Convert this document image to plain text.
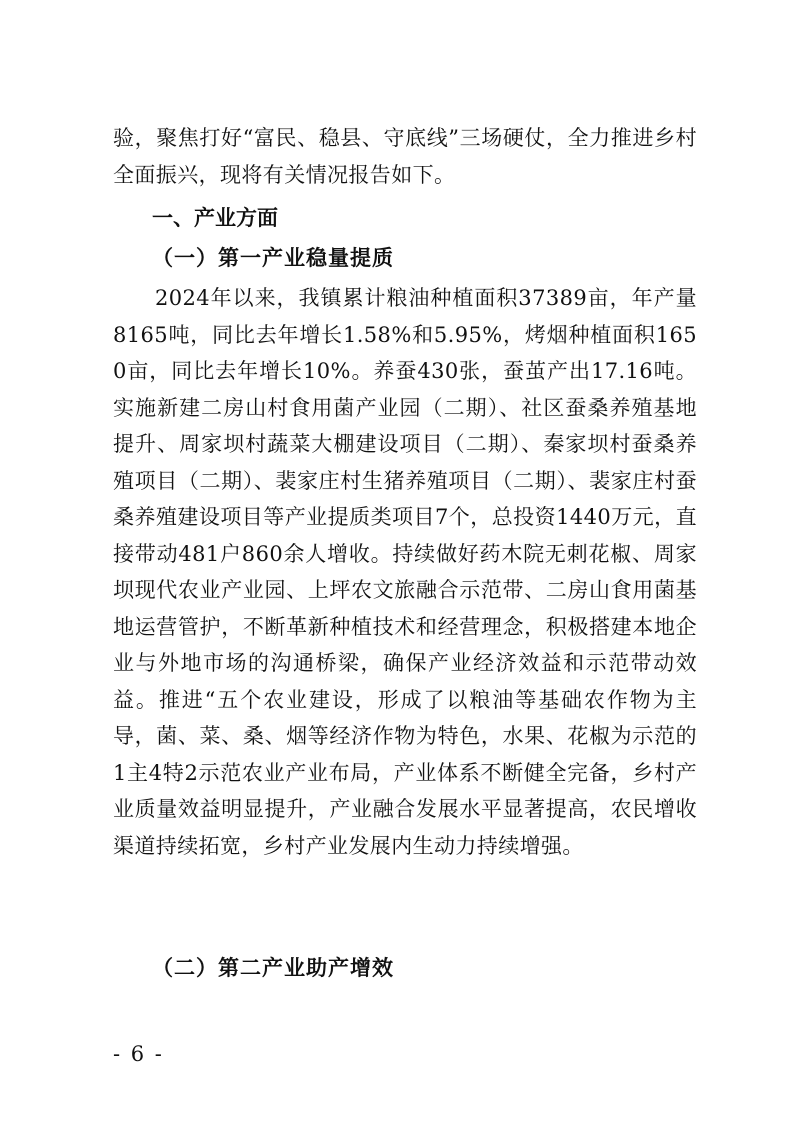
验，聚焦打好“富民、稳县、守底线”三场硬仗，全力推进乡村全面振兴，现将有关情况报告如下。

一、产业方面
（一）第一产业稳量提质

2024年以来，我镇累计粮油种植面积37389亩，年产量8165吨，同比去年增长1.58%和5.95%，烤烟种植面积1650亩，同比去年增长10%。养蚕430张，蚕茧产出17.16吨。实施新建二房山村食用菌产业园（二期）、社区蚕桑养殖基地提升、周家坝村蔬菜大棚建设项目（二期）、秦家坝村蚕桑养殖项目（二期）、裴家庄村生猪养殖项目（二期）、裴家庄村蚕桑养殖建设项目等产业提质类项目7个，总投资1440万元，直接带动481户860余人增收。持续做好药木院无刺花椒、周家坝现代农业产业园、上坪农文旅融合示范带、二房山食用菌基地运营管护，不断革新种植技术和经营理念，积极搭建本地企业与外地市场的沟通桥梁，确保产业经济效益和示范带动效益。推进“五个农业建设，形成了以粮油等基础农作物为主导，菌、菜、桑、烟等经济作物为特色，水果、花椒为示范的1主4特2示范农业产业布局，产业体系不断健全完备，乡村产业质量效益明显提升，产业融合发展水平显著提高，农民增收渠道持续拓宽，乡村产业发展内生动力持续增强。

（二）第二产业助产增效

- 6 -
